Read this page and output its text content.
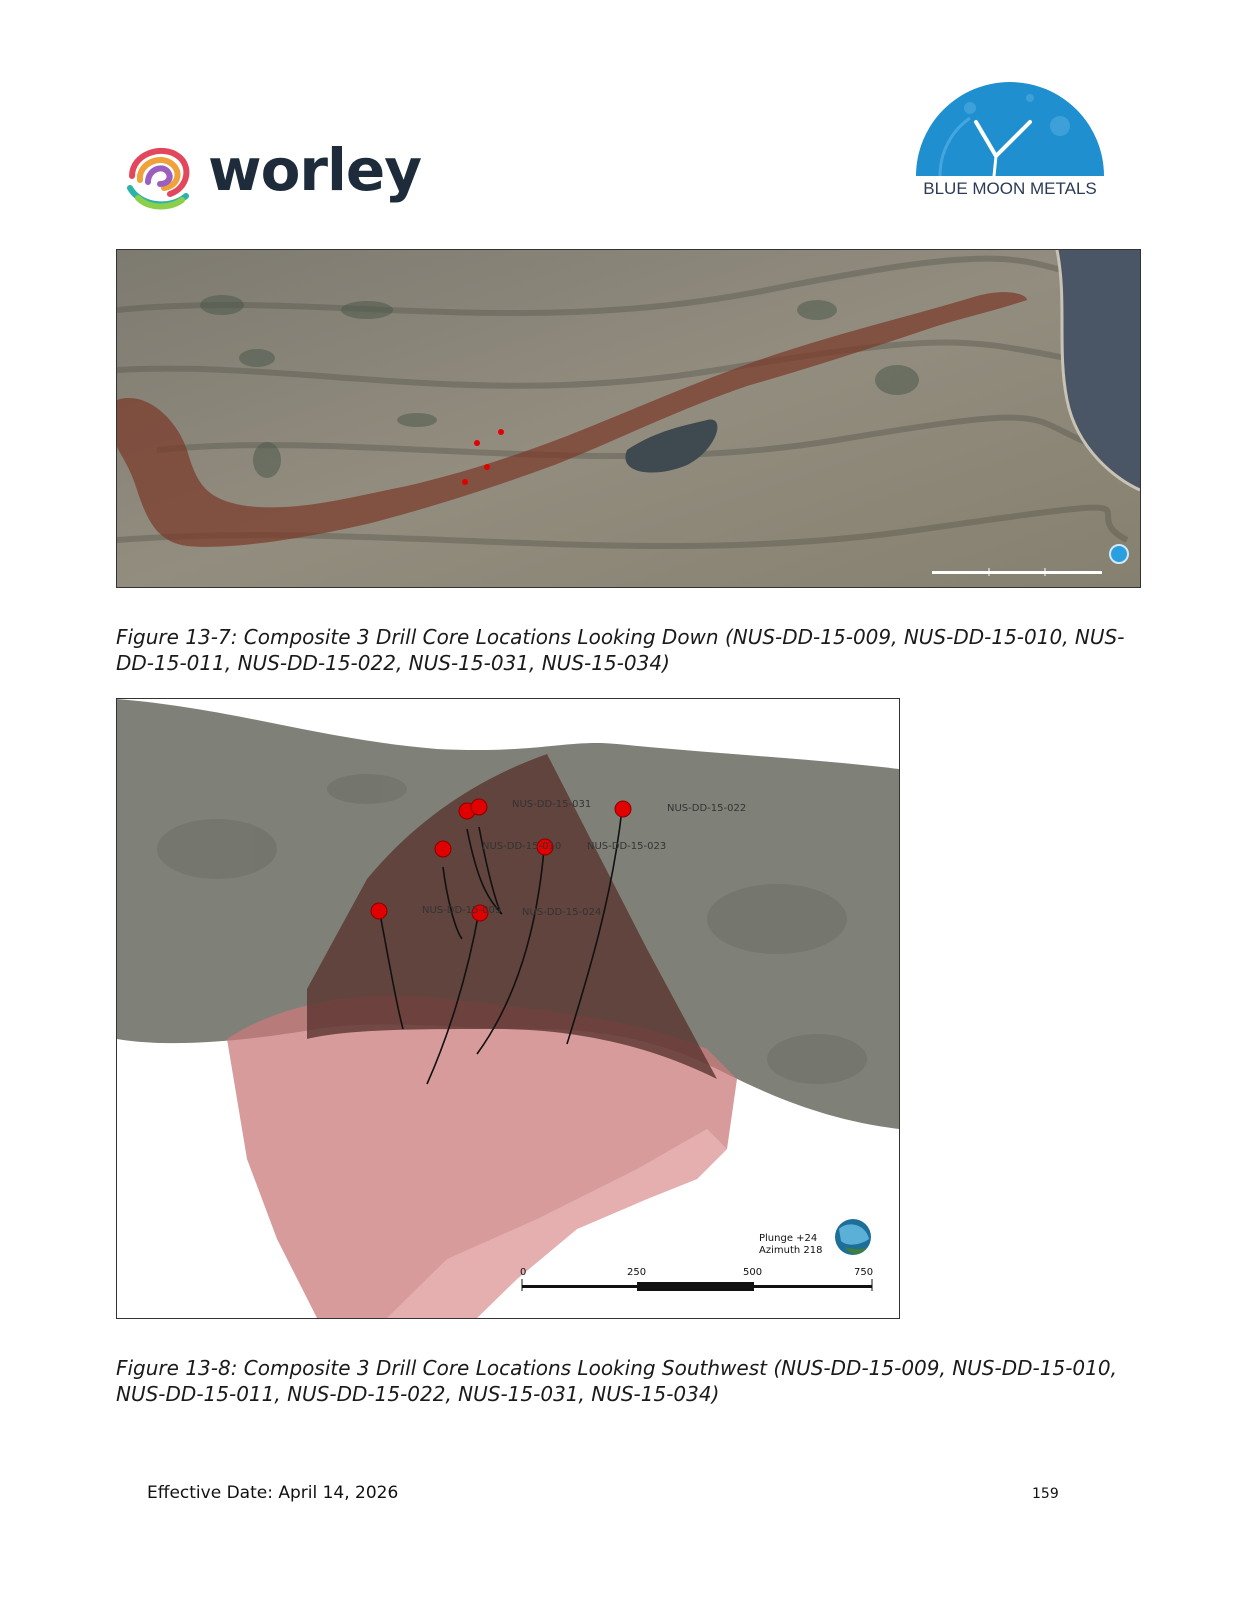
worley	BLUE MOON METALS

Figure 13-7: Composite 3 Drill Core Locations Looking Down (NUS-DD-15-009, NUS-DD-15-010, NUS-DD-15-011, NUS-DD-15-022, NUS-15-031, NUS-15-034)

NUS-DD-15-031	NUS-DD-15-022
NUS-DD-15-023
NUS-DD-15-010
NUS-DD-15-024
NUS-DD-15-009
Plunge +24
Azimuth 218
0	250	500	750

Figure 13-8: Composite 3 Drill Core Locations Looking Southwest (NUS-DD-15-009, NUS-DD-15-010, NUS-DD-15-011, NUS-DD-15-022, NUS-15-031, NUS-15-034)

Effective Date: April 14, 2026	159
